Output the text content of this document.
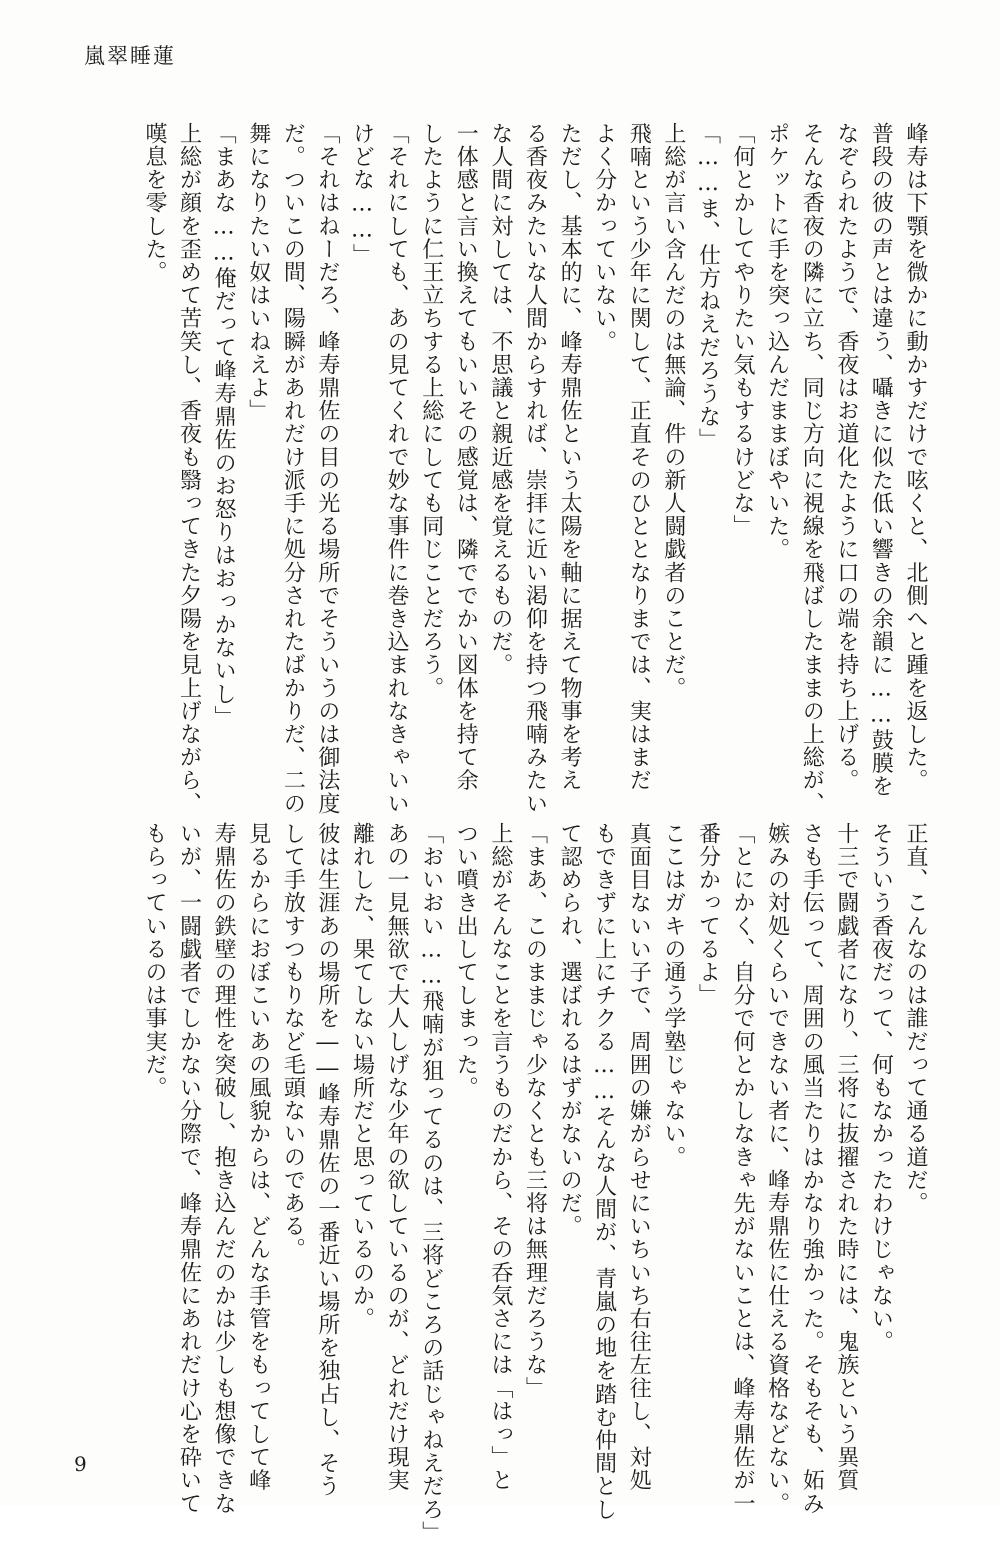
嵐翠睡蓮
峰寿は下顎を微かに動かすだけで呟くと、北側へと踵を返した。
普段の彼の声とは違う、囁きに似た低い響きの余韻に……鼓膜を
なぞられたようで、香夜はお道化たように口の端を持ち上げる。
そんな香夜の隣に立ち、同じ方向に視線を飛ばしたままの上総が、
ポケットに手を突っ込んだままぼやいた。
「何とかしてやりたい気もするけどな」
「……ま、仕方ねえだろうな」
上総が言い含んだのは無論、件の新人闘戯者のことだ。
飛喃という少年に関して、正直そのひととなりまでは、実はまだ
よく分かっていない。
ただし、基本的に、峰寿鼎佐という太陽を軸に据えて物事を考え
る香夜みたいな人間からすれば、崇拝に近い渇仰を持つ飛喃みたい
な人間に対しては、不思議と親近感を覚えるものだ。
一体感と言い換えてもいいその感覚は、隣ででかい図体を持て余
したように仁王立ちする上総にしても同じことだろう。
「それにしても、あの見てくれで妙な事件に巻き込まれなきゃいい
けどな……」
「それはねーだろ、峰寿鼎佐の目の光る場所でそういうのは御法度
だ。ついこの間、陽瞬があれだけ派手に処分されたばかりだ、二の
舞になりたい奴はいねえよ」
「まあな……俺だって峰寿鼎佐のお怒りはおっかないし」
上総が顔を歪めて苦笑し、香夜も翳ってきた夕陽を見上げながら、
嘆息を零した。
正直、こんなのは誰だって通る道だ。
そういう香夜だって、何もなかったわけじゃない。
十三で闘戯者になり、三将に抜擢された時には、鬼族という異質
さも手伝って、周囲の風当たりはかなり強かった。そもそも、妬み
嫉みの対処くらいできない者に、峰寿鼎佐に仕える資格などない。
「とにかく、自分で何とかしなきゃ先がないことは、峰寿鼎佐が一
番分かってるよ」
ここはガキの通う学塾じゃない。
真面目ないい子で、周囲の嫌がらせにいちいち右往左往し、対処
もできずに上にチクる……そんな人間が、青嵐の地を踏む仲間とし
て認められ、選ばれるはずがないのだ。
「まあ、このままじゃ少なくとも三将は無理だろうな」
上総がそんなことを言うものだから、その呑気さには「はっ」と
つい噴き出してしまった。
「おいおい……飛喃が狙ってるのは、三将どころの話じゃねえだろ」
あの一見無欲で大人しげな少年の欲しているのが、どれだけ現実
離れした、果てしない場所だと思っているのか。
彼は生涯あの場所を――峰寿鼎佐の一番近い場所を独占し、そう
して手放すつもりなど毛頭ないのである。
見るからにおぼこいあの風貌からは、どんな手管をもってして峰
寿鼎佐の鉄壁の理性を突破し、抱き込んだのかは少しも想像できな
いが、一闘戯者でしかない分際で、峰寿鼎佐にあれだけ心を砕いて
もらっているのは事実だ。
9
